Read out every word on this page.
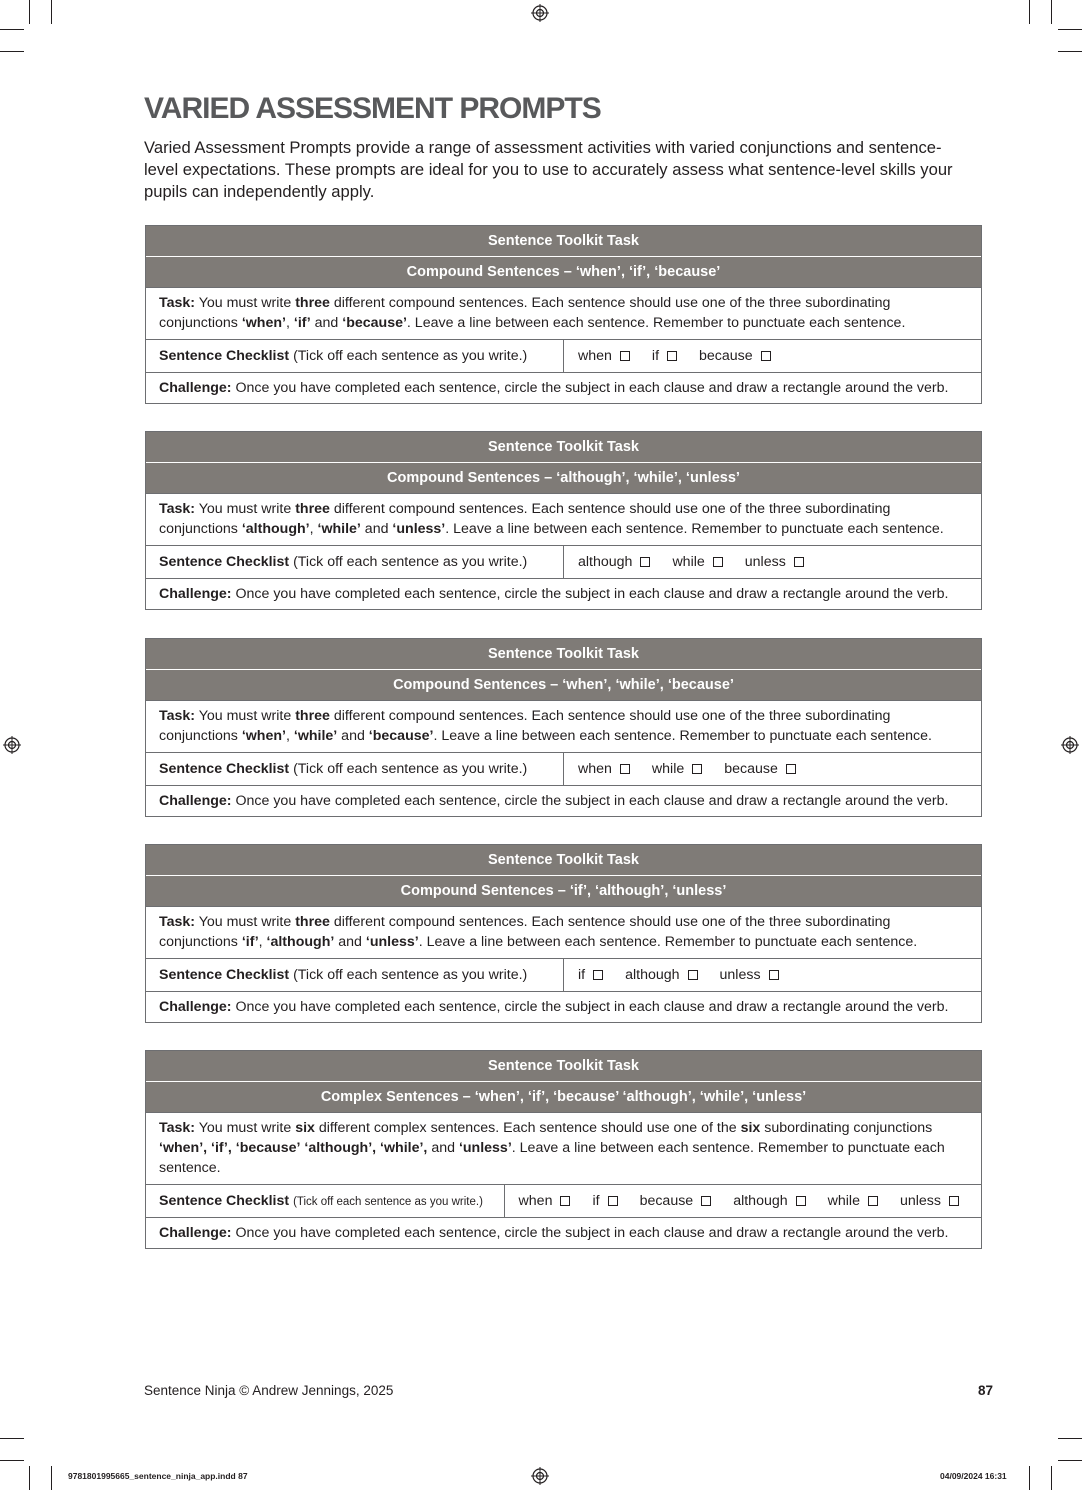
VARIED ASSESSMENT PROMPTS

Varied Assessment Prompts provide a range of assessment activities with varied conjunctions and sentence-level expectations. These prompts are ideal for you to use to accurately assess what sentence-level skills your pupils can independently apply.

Sentence Toolkit Task
Compound Sentences – ‘when’, ‘if’, ‘because’
Task: You must write three different compound sentences. Each sentence should use one of the three subordinating conjunctions ‘when’, ‘if’ and ‘because’. Leave a line between each sentence. Remember to punctuate each sentence.
Sentence Checklist (Tick off each sentence as you write.)	when	if	because
Challenge: Once you have completed each sentence, circle the subject in each clause and draw a rectangle around the verb.
Sentence Toolkit Task
Compound Sentences – ‘although’, ‘while’, ‘unless’
Task: You must write three different compound sentences. Each sentence should use one of the three subordinating conjunctions ‘although’, ‘while’ and ‘unless’. Leave a line between each sentence. Remember to punctuate each sentence.
Sentence Checklist (Tick off each sentence as you write.)	although	while	unless
Challenge: Once you have completed each sentence, circle the subject in each clause and draw a rectangle around the verb.
Sentence Toolkit Task
Compound Sentences – ‘when’, ‘while’, ‘because’
Task: You must write three different compound sentences. Each sentence should use one of the three subordinating conjunctions ‘when’, ‘while’ and ‘because’. Leave a line between each sentence. Remember to punctuate each sentence.
Sentence Checklist (Tick off each sentence as you write.)	when	while	because
Challenge: Once you have completed each sentence, circle the subject in each clause and draw a rectangle around the verb.
Sentence Toolkit Task
Compound Sentences – ‘if’, ‘although’, ‘unless’
Task: You must write three different compound sentences. Each sentence should use one of the three subordinating conjunctions ‘if’, ‘although’ and ‘unless’. Leave a line between each sentence. Remember to punctuate each sentence.
Sentence Checklist (Tick off each sentence as you write.)	if	although	unless
Challenge: Once you have completed each sentence, circle the subject in each clause and draw a rectangle around the verb.
Sentence Toolkit Task
Complex Sentences – ‘when’, ‘if’, ‘because’ ‘although’, ‘while’, ‘unless’
Task: You must write six different complex sentences. Each sentence should use one of the six subordinating conjunctions ‘when’, ‘if’, ‘because’ ‘although’, ‘while’, and ‘unless’. Leave a line between each sentence. Remember to punctuate each sentence.
Sentence Checklist (Tick off each sentence as you write.)	when	if	because	although	while	unless
Challenge: Once you have completed each sentence, circle the subject in each clause and draw a rectangle around the verb.
Sentence Ninja © Andrew Jennings, 2025	87
9781801995665_sentence_ninja_app.indd 87	04/09/2024 16:31
